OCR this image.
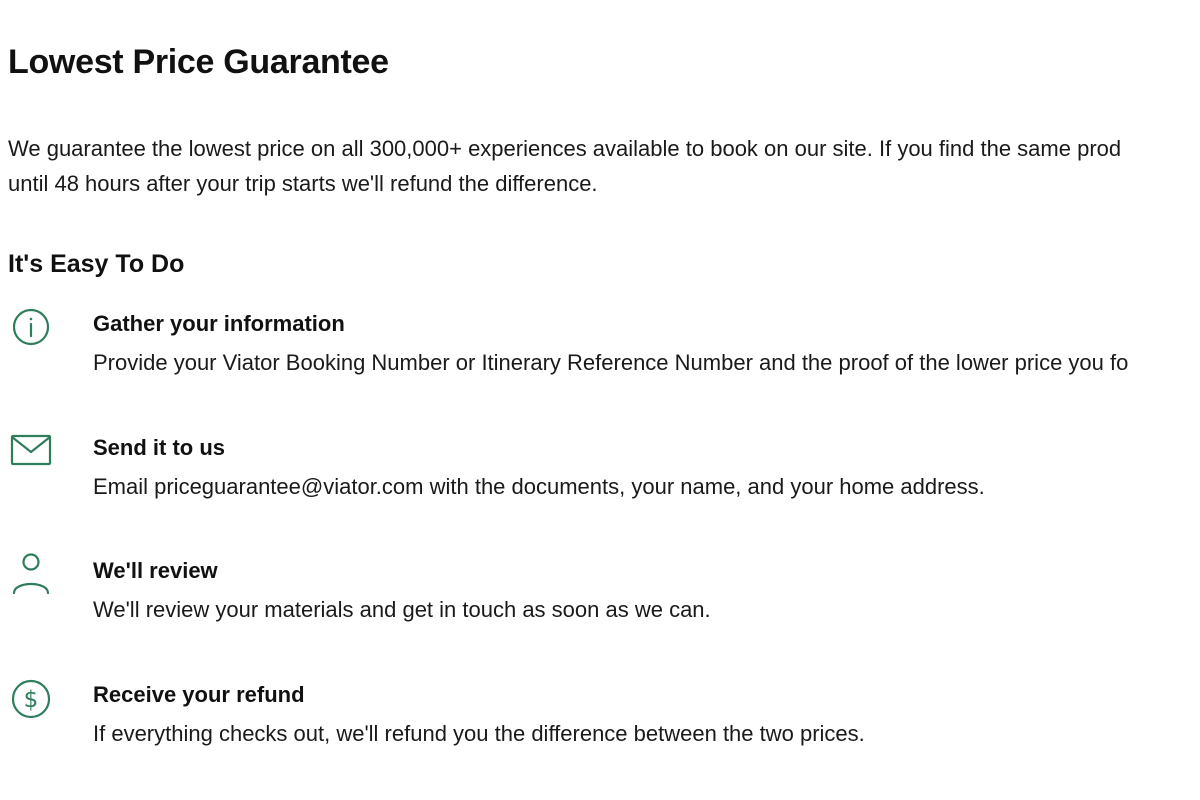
Lowest Price Guarantee

We guarantee the lowest price on all 300,000+ experiences available to book on our site. If you find the same prod
until 48 hours after your trip starts we'll refund the difference.

It's Easy To Do
Gather your information

Provide your Viator Booking Number or Itinerary Reference Number and the proof of the lower price you fo

Send it to us

Email priceguarantee@viator.com with the documents, your name, and your home address.

We'll review

We'll review your materials and get in touch as soon as we can.

$ Receive your refund

If everything checks out, we'll refund you the difference between the two prices.
